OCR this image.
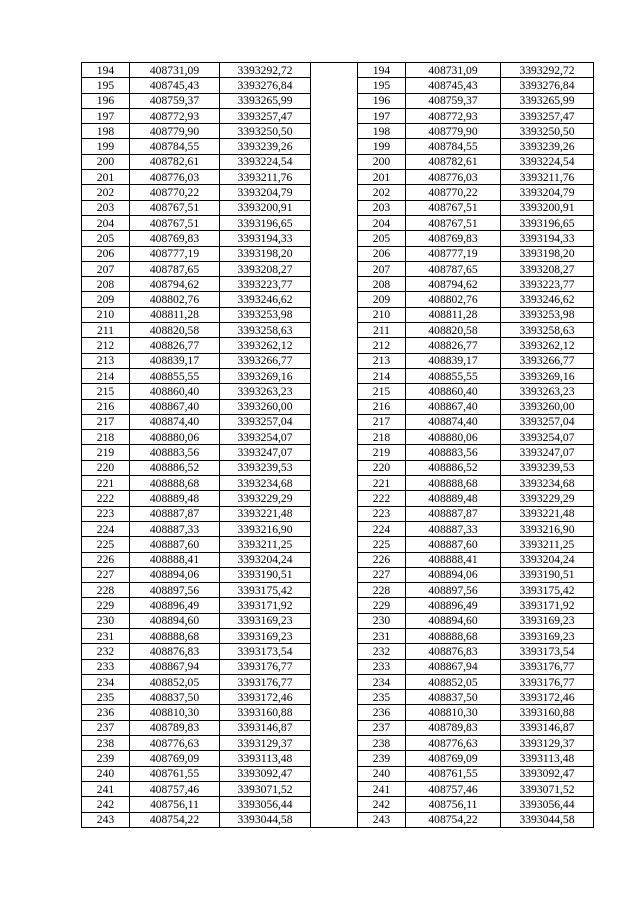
194	408731,09	3393292,72		194	408731,09	3393292,72
195	408745,43	3393276,84		195	408745,43	3393276,84
196	408759,37	3393265,99		196	408759,37	3393265,99
197	408772,93	3393257,47		197	408772,93	3393257,47
198	408779,90	3393250,50		198	408779,90	3393250,50
199	408784,55	3393239,26		199	408784,55	3393239,26
200	408782,61	3393224,54		200	408782,61	3393224,54
201	408776,03	3393211,76		201	408776,03	3393211,76
202	408770,22	3393204,79		202	408770,22	3393204,79
203	408767,51	3393200,91		203	408767,51	3393200,91
204	408767,51	3393196,65		204	408767,51	3393196,65
205	408769,83	3393194,33		205	408769,83	3393194,33
206	408777,19	3393198,20		206	408777,19	3393198,20
207	408787,65	3393208,27		207	408787,65	3393208,27
208	408794,62	3393223,77		208	408794,62	3393223,77
209	408802,76	3393246,62		209	408802,76	3393246,62
210	408811,28	3393253,98		210	408811,28	3393253,98
211	408820,58	3393258,63		211	408820,58	3393258,63
212	408826,77	3393262,12		212	408826,77	3393262,12
213	408839,17	3393266,77		213	408839,17	3393266,77
214	408855,55	3393269,16		214	408855,55	3393269,16
215	408860,40	3393263,23		215	408860,40	3393263,23
216	408867,40	3393260,00		216	408867,40	3393260,00
217	408874,40	3393257,04		217	408874,40	3393257,04
218	408880,06	3393254,07		218	408880,06	3393254,07
219	408883,56	3393247,07		219	408883,56	3393247,07
220	408886,52	3393239,53		220	408886,52	3393239,53
221	408888,68	3393234,68		221	408888,68	3393234,68
222	408889,48	3393229,29		222	408889,48	3393229,29
223	408887,87	3393221,48		223	408887,87	3393221,48
224	408887,33	3393216,90		224	408887,33	3393216,90
225	408887,60	3393211,25		225	408887,60	3393211,25
226	408888,41	3393204,24		226	408888,41	3393204,24
227	408894,06	3393190,51		227	408894,06	3393190,51
228	408897,56	3393175,42		228	408897,56	3393175,42
229	408896,49	3393171,92		229	408896,49	3393171,92
230	408894,60	3393169,23		230	408894,60	3393169,23
231	408888,68	3393169,23		231	408888,68	3393169,23
232	408876,83	3393173,54		232	408876,83	3393173,54
233	408867,94	3393176,77		233	408867,94	3393176,77
234	408852,05	3393176,77		234	408852,05	3393176,77
235	408837,50	3393172,46		235	408837,50	3393172,46
236	408810,30	3393160,88		236	408810,30	3393160,88
237	408789,83	3393146,87		237	408789,83	3393146,87
238	408776,63	3393129,37		238	408776,63	3393129,37
239	408769,09	3393113,48		239	408769,09	3393113,48
240	408761,55	3393092,47		240	408761,55	3393092,47
241	408757,46	3393071,52		241	408757,46	3393071,52
242	408756,11	3393056,44		242	408756,11	3393056,44
243	408754,22	3393044,58		243	408754,22	3393044,58
